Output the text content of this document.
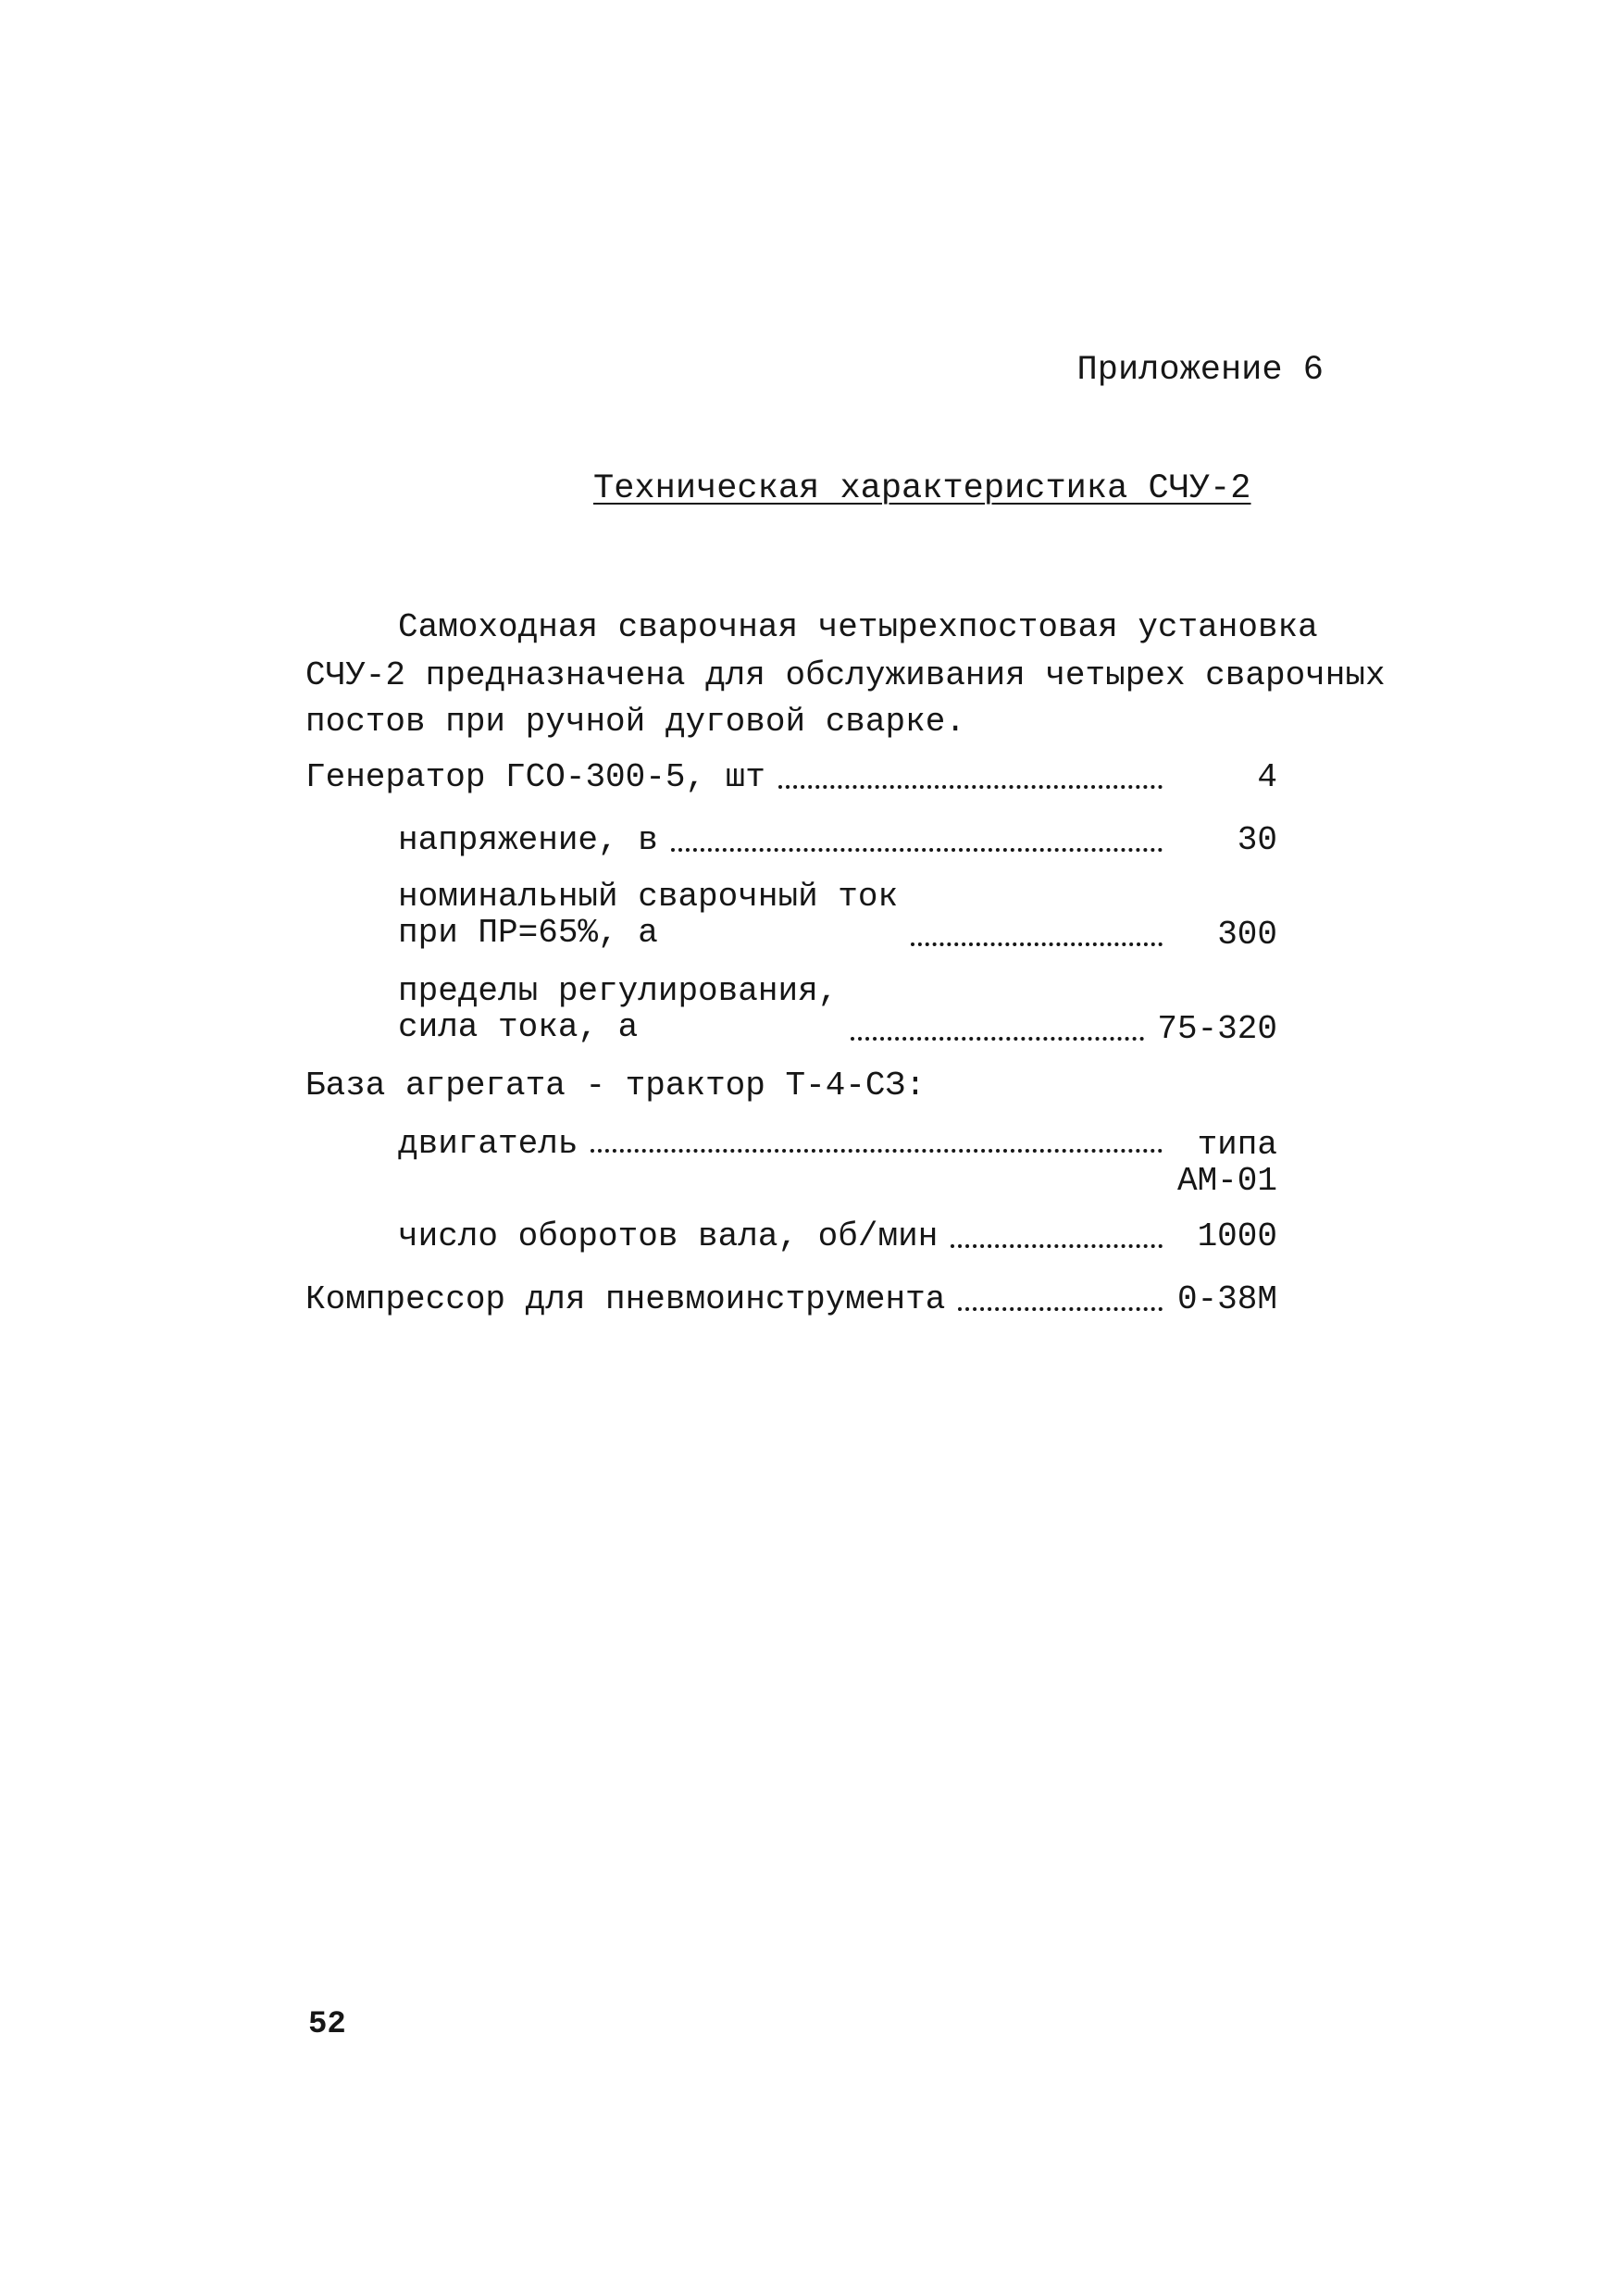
Приложение 6
Техническая характеристика СЧУ-2
Самоходная сварочная четырехпостовая установка
СЧУ-2 предназначена для обслуживания четырех сварочных
постов при ручной дуговой сварке.
Генератор ГСО-300-5, шт	4
напряжение, в	30
номинальный сварочный ток
при ПР=65%, а	300
пределы регулирования,
сила тока, а	75-320
База агрегата - трактор Т-4-СЗ:
двигатель	типа
АМ-01
число оборотов вала, об/мин	1000
Компрессор для пневмоинструмента	0-38М
52
